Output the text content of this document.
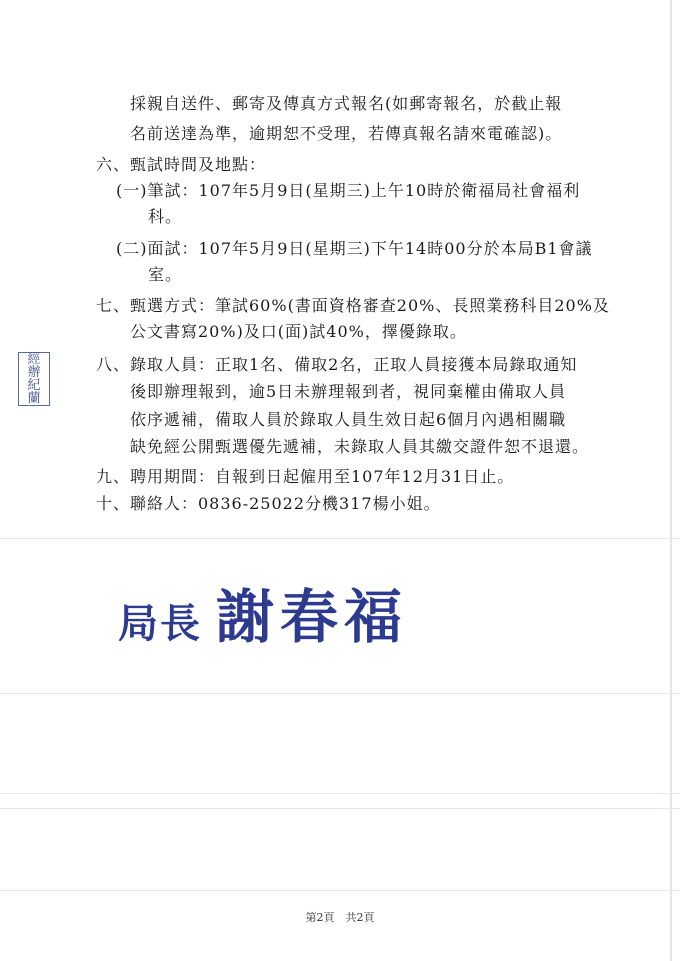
採親自送件、郵寄及傳真方式報名(如郵寄報名，於截止報
名前送達為準，逾期恕不受理，若傳真報名請來電確認)。
六、甄試時間及地點：
(一)筆試：107年5月9日(星期三)上午10時於衛福局社會福利
科。
(二)面試：107年5月9日(星期三)下午14時00分於本局B1會議
室。
七、甄選方式：筆試60%(書面資格審查20%、長照業務科目20%及
公文書寫20%)及口(面)試40%，擇優錄取。
八、錄取人員：正取1名、備取2名，正取人員接獲本局錄取通知
後即辦理報到，逾5日未辦理報到者，視同棄權由備取人員
依序遞補，備取人員於錄取人員生效日起6個月內遇相關職
缺免經公開甄選優先遞補，未錄取人員其繳交證件恕不退還。
九、聘用期間：自報到日起僱用至107年12月31日止。
十、聯絡人：0836-25022分機317楊小姐。
經
辦
紀
蘭
局長 謝春福
第2頁　共2頁
